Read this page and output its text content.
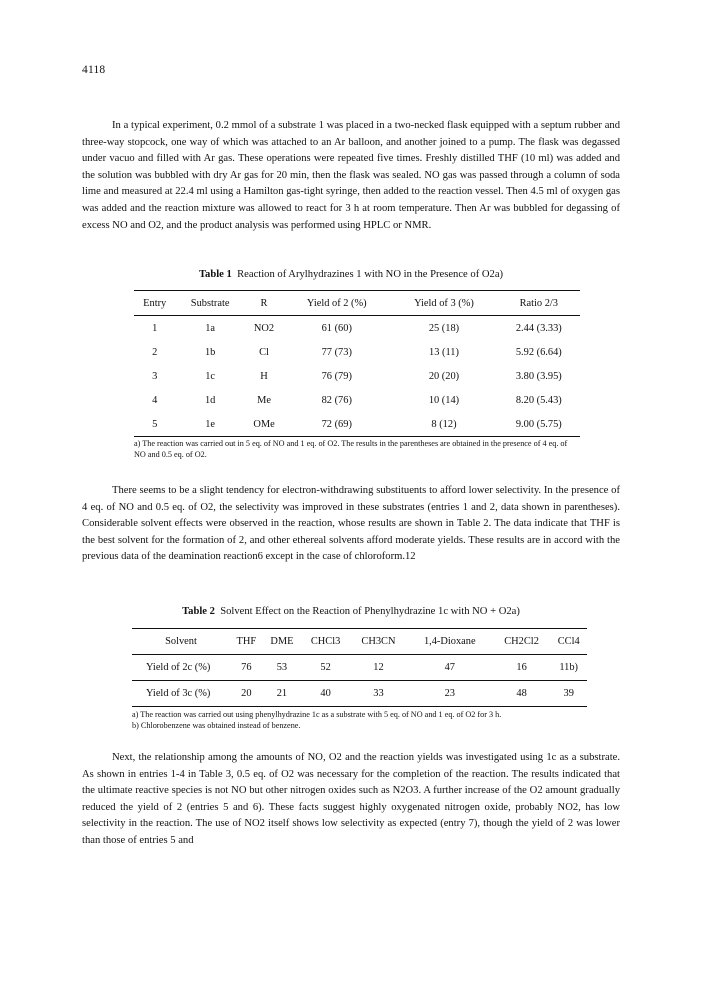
4118

In a typical experiment, 0.2 mmol of a substrate 1 was placed in a two-necked flask equipped with a septum rubber and three-way stopcock, one way of which was attached to an Ar balloon, and another joined to a pump. The flask was degassed under vacuo and filled with Ar gas. These operations were repeated five times. Freshly distilled THF (10 ml) was added and the solution was bubbled with dry Ar gas for 20 min, then the flask was sealed. NO gas was passed through a column of soda lime and measured at 22.4 ml using a Hamilton gas-tight syringe, then added to the reaction vessel. Then 4.5 ml of oxygen gas was added and the reaction mixture was allowed to react for 3 h at room temperature. Then Ar was bubbled for degassing of excess NO and O2, and the product analysis was performed using HPLC or NMR.

Table 1 Reaction of Arylhydrazines 1 with NO in the Presence of O2a)
Entry	Substrate	R	Yield of 2 (%)	Yield of 3 (%)	Ratio 2/3
1	1a	NO2	61 (60)	25 (18)	2.44 (3.33)
2	1b	Cl	77 (73)	13 (11)	5.92 (6.64)
3	1c	H	76 (79)	20 (20)	3.80 (3.95)
4	1d	Me	82 (76)	10 (14)	8.20 (5.43)
5	1e	OMe	72 (69)	8 (12)	9.00 (5.75)
a) The reaction was carried out in 5 eq. of NO and 1 eq. of O2. The results in the parentheses are obtained in the presence of 4 eq. of NO and 0.5 eq. of O2.

There seems to be a slight tendency for electron-withdrawing substituents to afford lower selectivity. In the presence of 4 eq. of NO and 0.5 eq. of O2, the selectivity was improved in these substrates (entries 1 and 2, data shown in parentheses). Considerable solvent effects were observed in the reaction, whose results are shown in Table 2. The data indicate that THF is the best solvent for the formation of 2, and other ethereal solvents afford moderate yields. These results are in accord with the previous data of the deamination reaction6 except in the case of chloroform.12

Table 2 Solvent Effect on the Reaction of Phenylhydrazine 1c with NO + O2a)
Solvent	THF	DME	CHCl3	CH3CN	1,4-Dioxane	CH2Cl2	CCl4
Yield of 2c (%)	76	53	52	12	47	16	11b)
Yield of 3c (%)	20	21	40	33	23	48	39
a) The reaction was carried out using phenylhydrazine 1c as a substrate with 5 eq. of NO and 1 eq. of O2 for 3 h.
b) Chlorobenzene was obtained instead of benzene.

Next, the relationship among the amounts of NO, O2 and the reaction yields was investigated using 1c as a substrate. As shown in entries 1-4 in Table 3, 0.5 eq. of O2 was necessary for the completion of the reaction. The results indicated that the ultimate reactive species is not NO but other nitrogen oxides such as N2O3. A further increase of the O2 amount gradually reduced the yield of 2 (entries 5 and 6). These facts suggest highly oxygenated nitrogen oxide, probably NO2, has low selectivity in the reaction. The use of NO2 itself shows low selectivity as expected (entry 7), though the yield of 2 was lower than those of entries 5 and
